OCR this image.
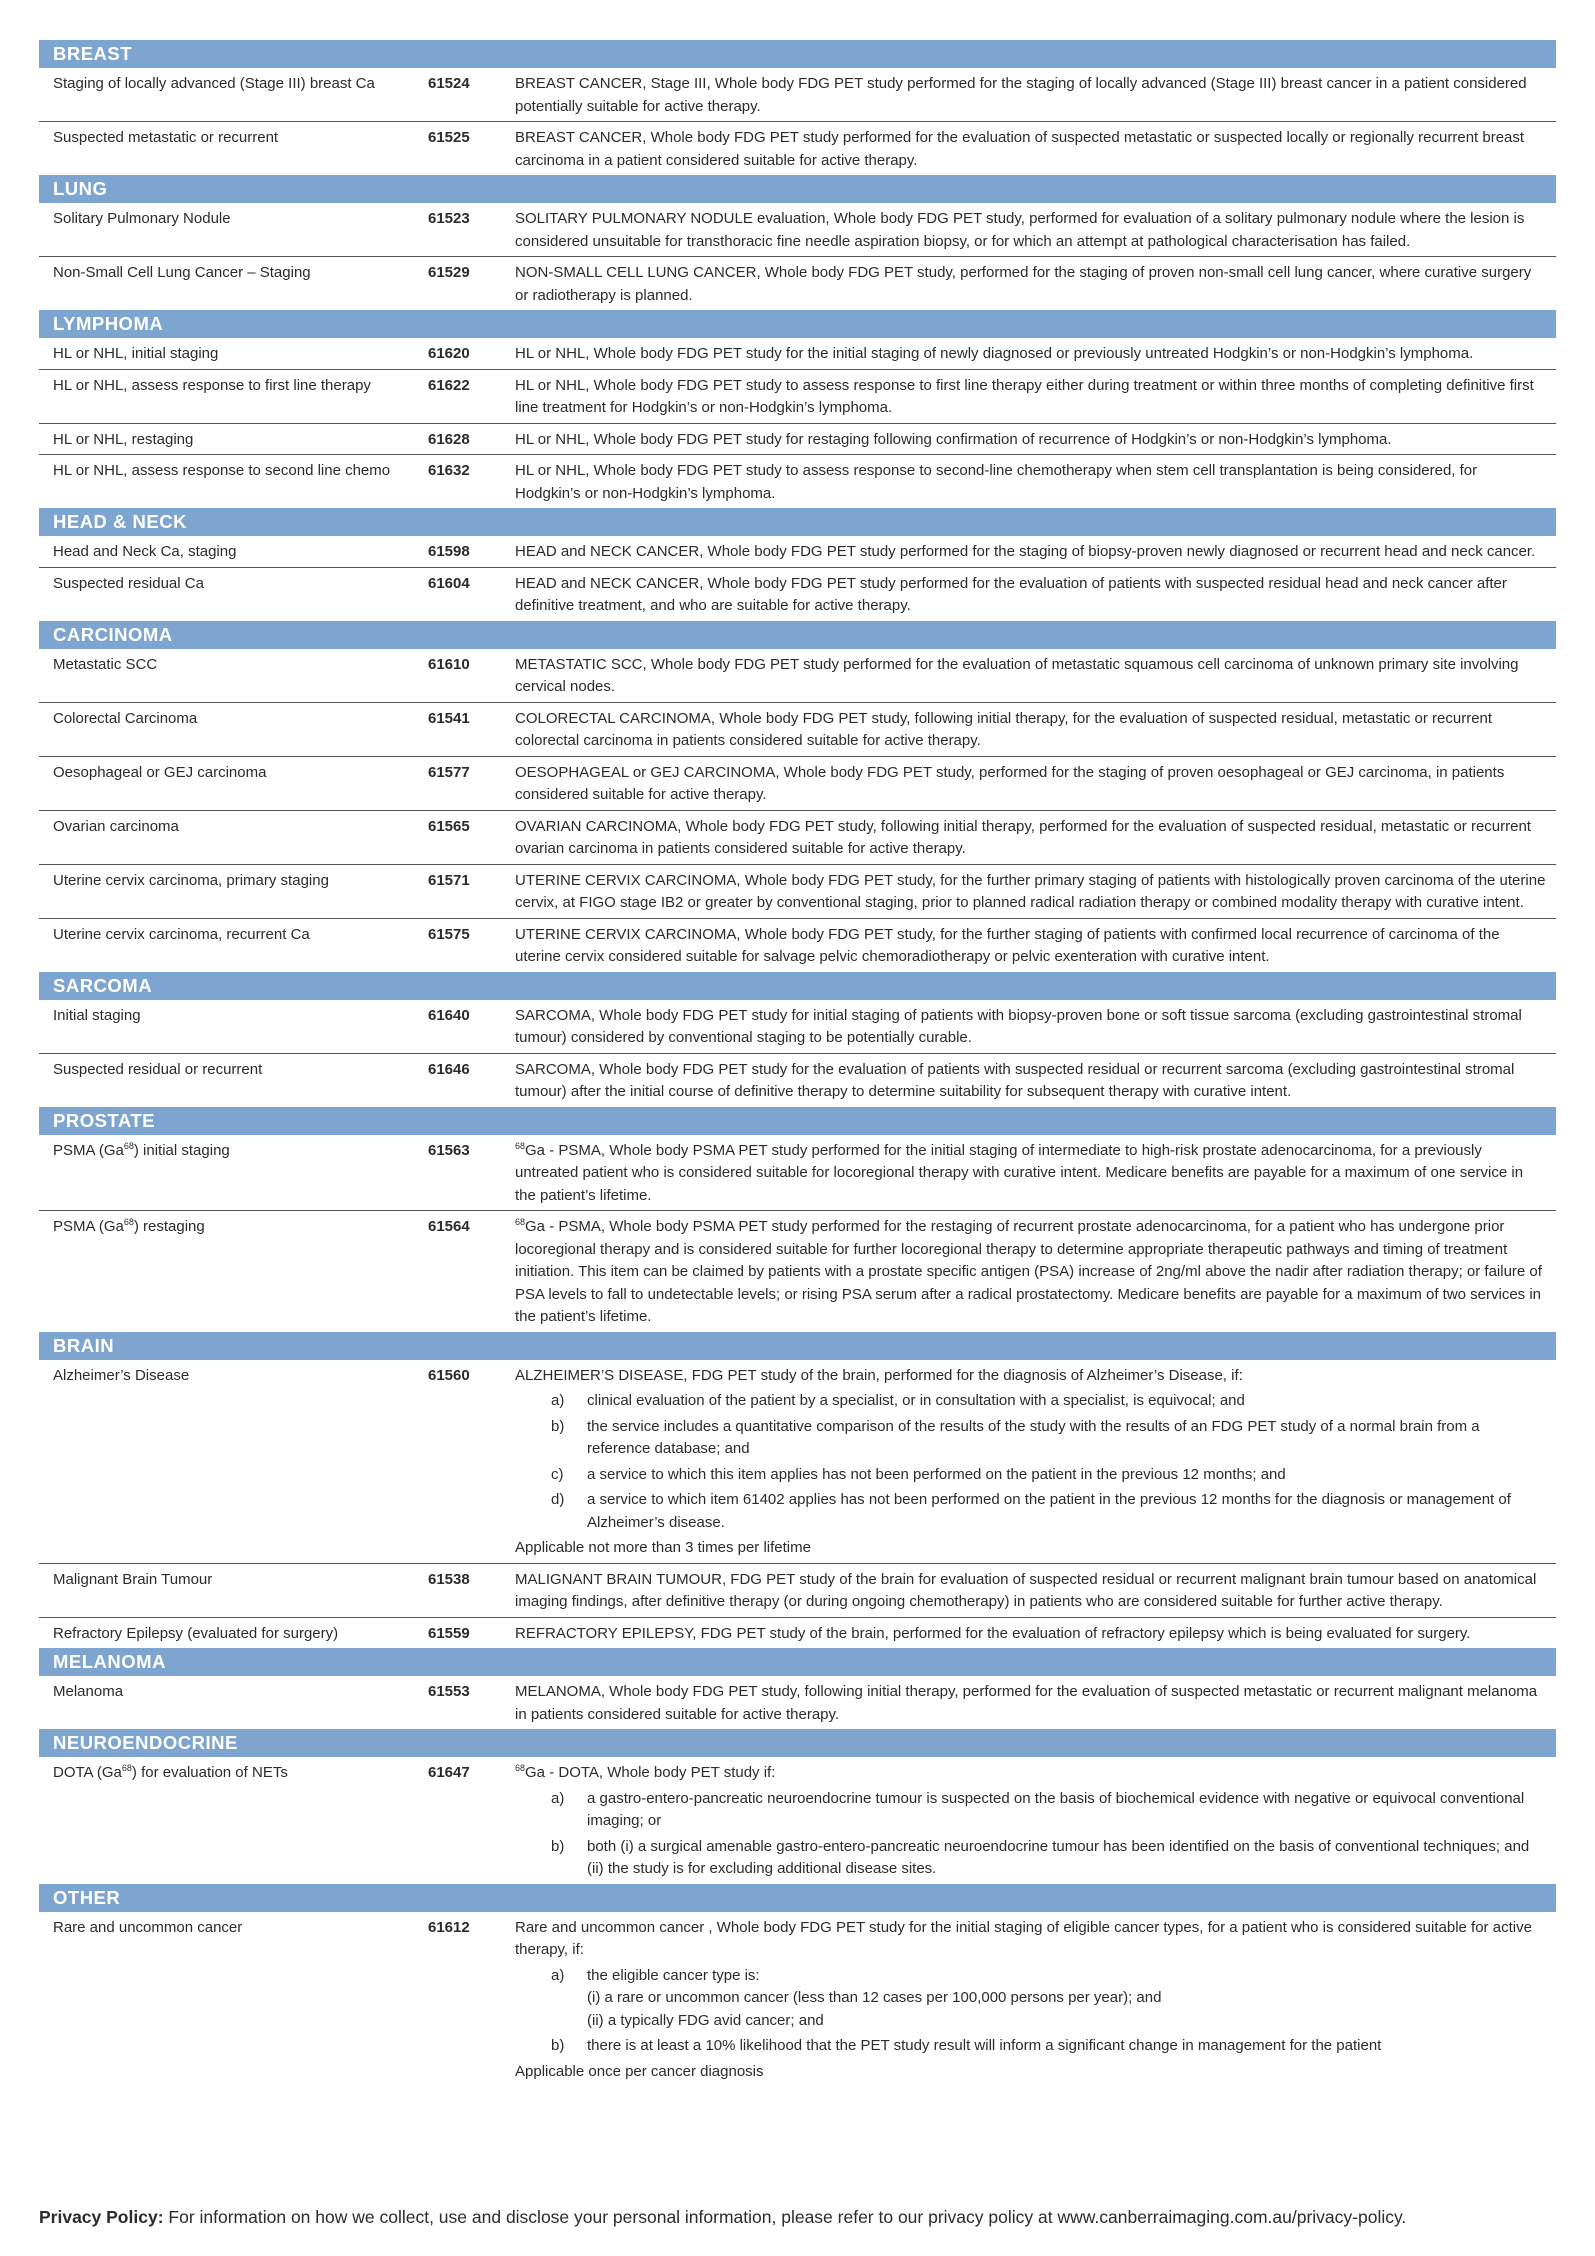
BREAST
Staging of locally advanced (Stage III) breast Ca	61524	BREAST CANCER, Stage III, Whole body FDG PET study performed for the staging of locally advanced (Stage III) breast cancer in a patient considered potentially suitable for active therapy.
Suspected metastatic or recurrent	61525	BREAST CANCER, Whole body FDG PET study performed for the evaluation of suspected metastatic or suspected locally or regionally recurrent breast carcinoma in a patient considered suitable for active therapy.
LUNG
Solitary Pulmonary Nodule	61523	SOLITARY PULMONARY NODULE evaluation, Whole body FDG PET study, performed for evaluation of a solitary pulmonary nodule where the lesion is considered unsuitable for transthoracic fine needle aspiration biopsy, or for which an attempt at pathological characterisation has failed.
Non-Small Cell Lung Cancer – Staging	61529	NON-SMALL CELL LUNG CANCER, Whole body FDG PET study, performed for the staging of proven non-small cell lung cancer, where curative surgery or radiotherapy is planned.
LYMPHOMA
HL or NHL, initial staging	61620	HL or NHL, Whole body FDG PET study for the initial staging of newly diagnosed or previously untreated Hodgkin’s or non-Hodgkin’s lymphoma.
HL or NHL, assess response to first line therapy	61622	HL or NHL, Whole body FDG PET study to assess response to first line therapy either during treatment or within three months of completing definitive first line treatment for Hodgkin’s or non-Hodgkin’s lymphoma.
HL or NHL, restaging	61628	HL or NHL, Whole body FDG PET study for restaging following confirmation of recurrence of Hodgkin’s or non-Hodgkin’s lymphoma.
HL or NHL, assess response to second line chemo	61632	HL or NHL, Whole body FDG PET study to assess response to second-line chemotherapy when stem cell transplantation is being considered, for Hodgkin’s or non-Hodgkin’s lymphoma.
HEAD & NECK
Head and Neck Ca, staging	61598	HEAD and NECK CANCER, Whole body FDG PET study performed for the staging of biopsy-proven newly diagnosed or recurrent head and neck cancer.
Suspected residual Ca	61604	HEAD and NECK CANCER, Whole body FDG PET study performed for the evaluation of patients with suspected residual head and neck cancer after definitive treatment, and who are suitable for active therapy.
CARCINOMA
Metastatic SCC	61610	METASTATIC SCC, Whole body FDG PET study performed for the evaluation of metastatic squamous cell carcinoma of unknown primary site involving cervical nodes.
Colorectal Carcinoma	61541	COLORECTAL CARCINOMA, Whole body FDG PET study, following initial therapy, for the evaluation of suspected residual, metastatic or recurrent colorectal carcinoma in patients considered suitable for active therapy.
Oesophageal or GEJ carcinoma	61577	OESOPHAGEAL or GEJ CARCINOMA, Whole body FDG PET study, performed for the staging of proven oesophageal or GEJ carcinoma, in patients considered suitable for active therapy.
Ovarian carcinoma	61565	OVARIAN CARCINOMA, Whole body FDG PET study, following initial therapy, performed for the evaluation of suspected residual, metastatic or recurrent ovarian carcinoma in patients considered suitable for active therapy.
Uterine cervix carcinoma, primary staging	61571	UTERINE CERVIX CARCINOMA, Whole body FDG PET study, for the further primary staging of patients with histologically proven carcinoma of the uterine cervix, at FIGO stage IB2 or greater by conventional staging, prior to planned radical radiation therapy or combined modality therapy with curative intent.
Uterine cervix carcinoma, recurrent Ca	61575	UTERINE CERVIX CARCINOMA, Whole body FDG PET study, for the further staging of patients with confirmed local recurrence of carcinoma of the uterine cervix considered suitable for salvage pelvic chemoradiotherapy or pelvic exenteration with curative intent.
SARCOMA
Initial staging	61640	SARCOMA, Whole body FDG PET study for initial staging of patients with biopsy-proven bone or soft tissue sarcoma (excluding gastrointestinal stromal tumour) considered by conventional staging to be potentially curable.
Suspected residual or recurrent	61646	SARCOMA, Whole body FDG PET study for the evaluation of patients with suspected residual or recurrent sarcoma (excluding gastrointestinal stromal tumour) after the initial course of definitive therapy to determine suitability for subsequent therapy with curative intent.
PROSTATE
PSMA (Ga$^{68}$) initial staging	61563	$^{68}$Ga - PSMA, Whole body PSMA PET study performed for the initial staging of intermediate to high-risk prostate adenocarcinoma, for a previously untreated patient who is considered suitable for locoregional therapy with curative intent. Medicare benefits are payable for a maximum of one service in the patient’s lifetime.
PSMA (Ga$^{68}$) restaging	61564	$^{68}$Ga - PSMA, Whole body PSMA PET study performed for the restaging of recurrent prostate adenocarcinoma, for a patient who has undergone prior locoregional therapy and is considered suitable for further locoregional therapy to determine appropriate therapeutic pathways and timing of treatment initiation. This item can be claimed by patients with a prostate specific antigen (PSA) increase of 2ng/ml above the nadir after radiation therapy; or failure of PSA levels to fall to undetectable levels; or rising PSA serum after a radical prostatectomy. Medicare benefits are payable for a maximum of two services in the patient’s lifetime.
BRAIN
Alzheimer’s Disease	61560	ALZHEIMER’S DISEASE, FDG PET study of the brain, performed for the diagnosis of Alzheimer’s Disease, if:
a)	clinical evaluation of the patient by a specialist, or in consultation with a specialist, is equivocal; and
b)	the service includes a quantitative comparison of the results of the study with the results of an FDG PET study of a normal brain from a reference database; and
c)	a service to which this item applies has not been performed on the patient in the previous 12 months; and
d)	a service to which item 61402 applies has not been performed on the patient in the previous 12 months for the diagnosis or management of Alzheimer’s disease.
Applicable not more than 3 times per lifetime
Malignant Brain Tumour	61538	MALIGNANT BRAIN TUMOUR, FDG PET study of the brain for evaluation of suspected residual or recurrent malignant brain tumour based on anatomical imaging findings, after definitive therapy (or during ongoing chemotherapy) in patients who are considered suitable for further active therapy.
Refractory Epilepsy (evaluated for surgery)	61559	REFRACTORY EPILEPSY, FDG PET study of the brain, performed for the evaluation of refractory epilepsy which is being evaluated for surgery.
MELANOMA
Melanoma	61553	MELANOMA, Whole body FDG PET study, following initial therapy, performed for the evaluation of suspected metastatic or recurrent malignant melanoma in patients considered suitable for active therapy.
NEUROENDOCRINE
DOTA (Ga$^{68}$) for evaluation of NETs	61647	$^{68}$Ga - DOTA, Whole body PET study if:
a)	a gastro-entero-pancreatic neuroendocrine tumour is suspected on the basis of biochemical evidence with negative or equivocal conventional imaging; or
b)	both (i) a surgical amenable gastro-entero-pancreatic neuroendocrine tumour has been identified on the basis of conventional techniques; and (ii) the study is for excluding additional disease sites.
OTHER
Rare and uncommon cancer	61612	Rare and uncommon cancer , Whole body FDG PET study for the initial staging of eligible cancer types, for a patient who is considered suitable for active therapy, if:
a)	the eligible cancer type is:
(i) a rare or uncommon cancer (less than 12 cases per 100,000 persons per year); and
(ii) a typically FDG avid cancer; and
b)	there is at least a 10% likelihood that the PET study result will inform a significant change in management for the patient
Applicable once per cancer diagnosis
Privacy Policy: For information on how we collect, use and disclose your personal information, please refer to our privacy policy at www.canberraimaging.com.au/privacy-policy.
